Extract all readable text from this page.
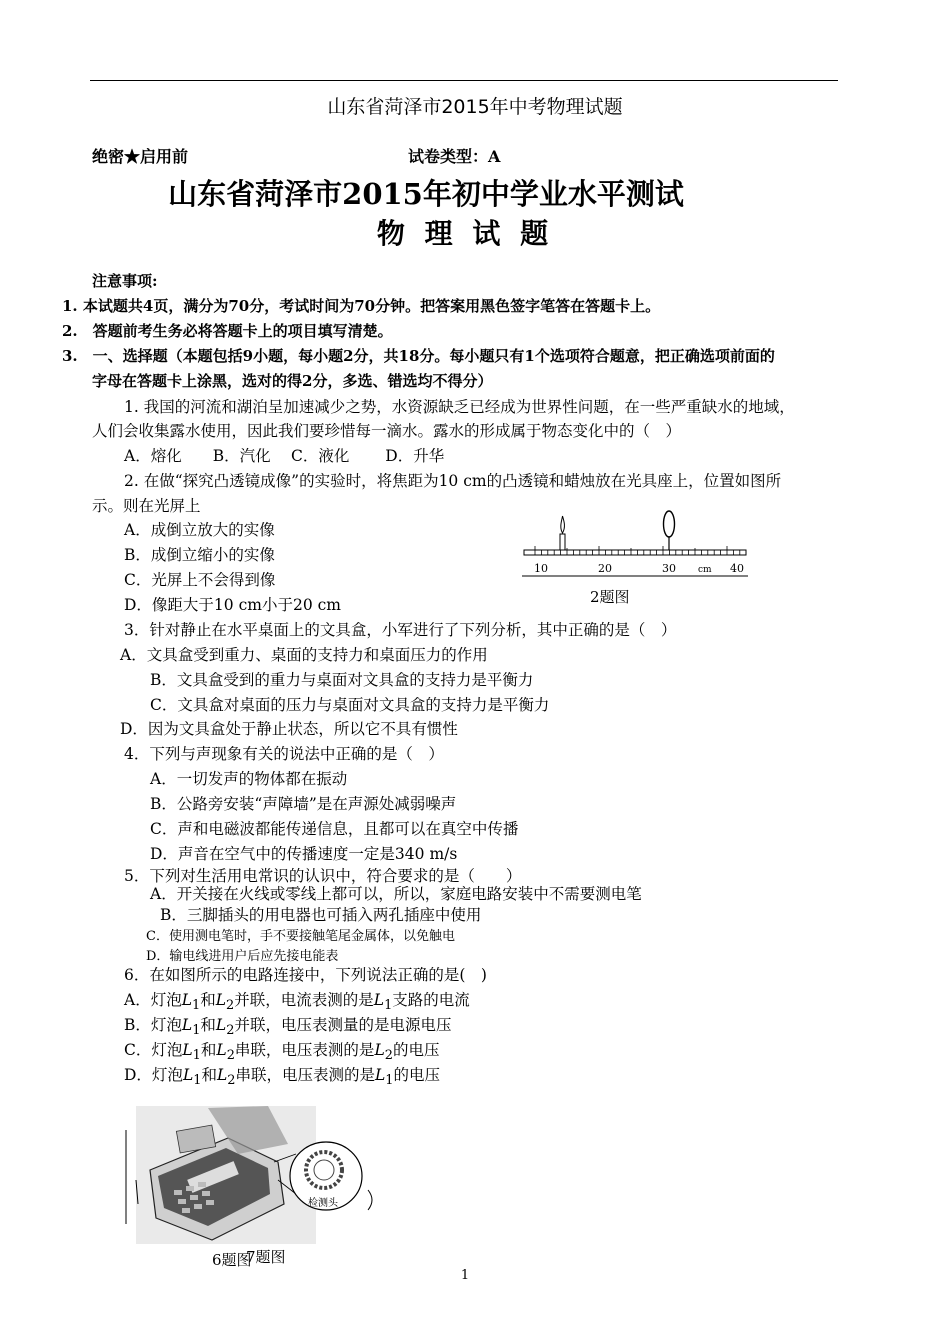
山东省菏泽市2015年中考物理试题
绝密★启用前	试卷类型：A
山东省菏泽市2015年初中学业水平测试
物 理 试 题
注意事项:
1. 本试题共4页，满分为70分，考试时间为70分钟。把答案用黑色签字笔答在答题卡上。
2.　答题前考生务必将答题卡上的项目填写清楚。
3.　一、选择题（本题包括9小题，每小题2分，共18分。每小题只有1个选项符合题意，把正确选项前面的
字母在答题卡上涂黑，选对的得2分，多选、错选均不得分）
1. 我国的河流和湖泊呈加速减少之势，水资源缺乏已经成为世界性问题，在一些严重缺水的地域，
人们会收集露水使用，因此我们要珍惜每一滴水。露水的形成属于物态变化中的（　）
A．熔化　　B．汽化　 C．液化　　 D．升华
2. 在做“探究凸透镜成像”的实验时，将焦距为10 cm的凸透镜和蜡烛放在光具座上，位置如图所
示。则在光屏上
A．成倒立放大的实像
B．成倒立缩小的实像
C．光屏上不会得到像
D．像距大于10 cm小于20 cm
10	20	30 cm 40
2题图
3．针对静止在水平桌面上的文具盒，小军进行了下列分析，其中正确的是（　）
A．文具盒受到重力、桌面的支持力和桌面压力的作用
B．文具盒受到的重力与桌面对文具盒的支持力是平衡力
C．文具盒对桌面的压力与桌面对文具盒的支持力是平衡力
D．因为文具盒处于静止状态，所以它不具有惯性
4．下列与声现象有关的说法中正确的是（　）
A．一切发声的物体都在振动
B．公路旁安装“声障墙”是在声源处减弱噪声
C．声和电磁波都能传递信息，且都可以在真空中传播
D．声音在空气中的传播速度一定是340 m/s
5．下列对生活用电常识的认识中，符合要求的是（　　）
A．开关接在火线或零线上都可以，所以，家庭电路安装中不需要测电笔
B．三脚插头的用电器也可插入两孔插座中使用
C．使用测电笔时，手不要接触笔尾金属体，以免触电
D．输电线进用户后应先接电能表
6．在如图所示的电路连接中，下列说法正确的是(　)
A．灯泡$L_1$和$L_2$并联，电流表测的是$L_1$支路的电流
B．灯泡$L_1$和$L_2$并联，电压表测量的是电源电压
C．灯泡$L_1$和$L_2$串联，电压表测的是$L_2$的电压
D．灯泡$L_1$和$L_2$串联，电压表测的是$L_1$的电压
检测头
6题图
7题图
1
